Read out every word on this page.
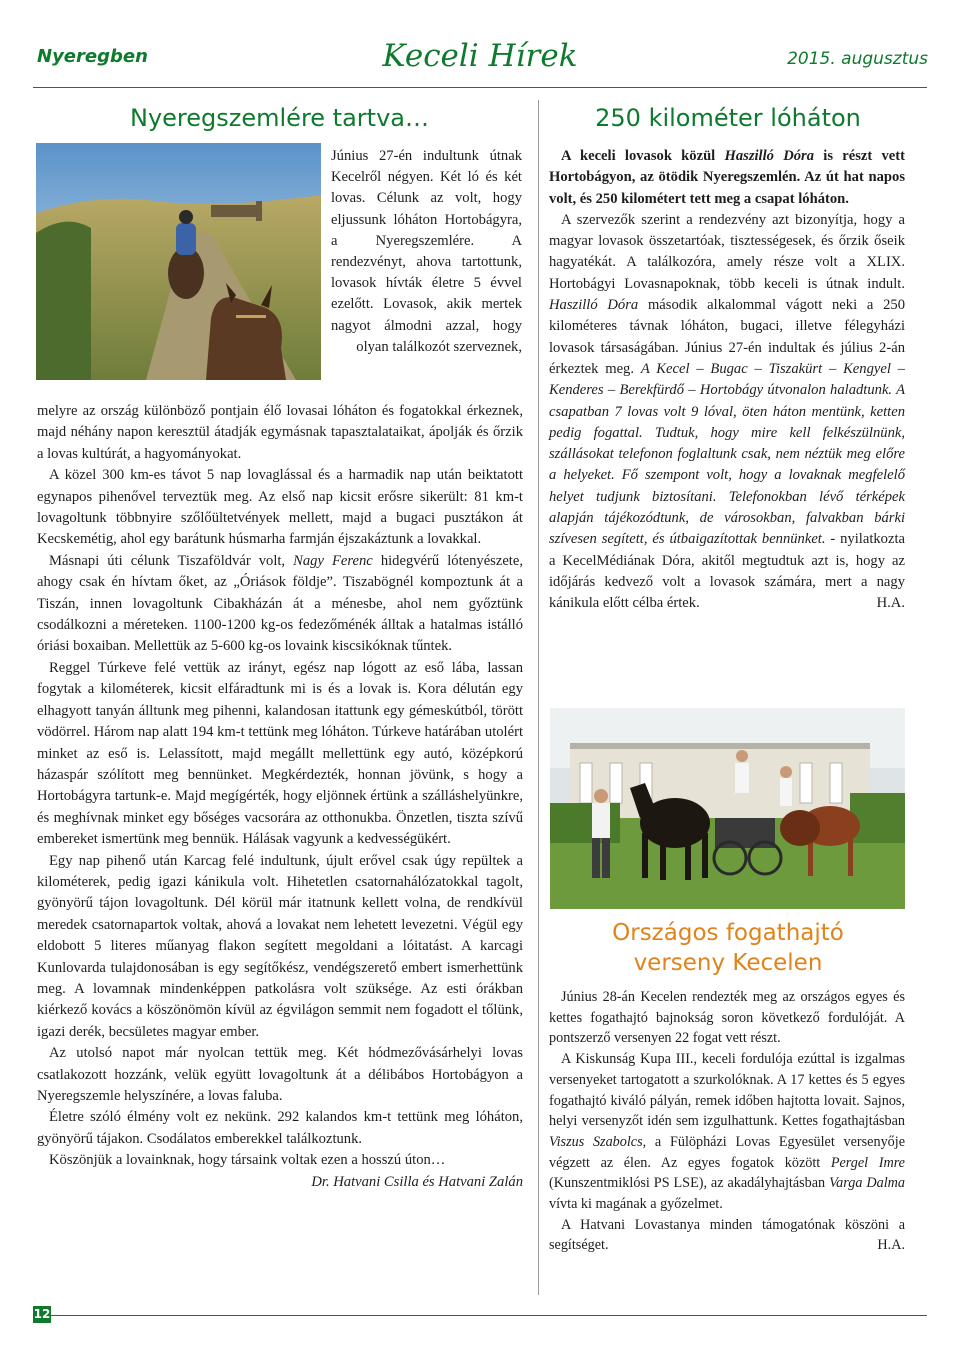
Nyeregben	Keceli Hírek	2015. augusztus
Nyeregszemlére tartva…	250 kilométer lóháton

Június 27-én indultunk útnak Kecelről négyen. Két ló és két lovas. Célunk az volt, hogy eljussunk lóháton Hortobágyra, a Nyeregszemlére. A rendezvényt, ahova tartottunk, lovasok hívták életre 5 évvel ezelőtt. Lovasok, akik mertek nagyot álmodni azzal, hogy olyan találkozót szerveznek,

melyre az ország különböző pontjain élő lovasai lóháton és fogatokkal érkeznek, majd néhány napon keresztül átadják egymásnak tapasztalataikat, ápolják és őrzik a lovas kultúrát, a hagyományokat.

A közel 300 km-es távot 5 nap lovaglással és a harmadik nap után beiktatott egynapos pihenővel terveztük meg. Az első nap kicsit erősre sikerült: 81 km-t lovagoltunk többnyire szőlőültetvények mellett, majd a bugaci pusztákon át Kecskemétig, ahol egy barátunk húsmarha farmján éjszakáztunk a lovakkal.

Másnapi úti célunk Tiszaföldvár volt, Nagy Ferenc hidegvérű lótenyészete, ahogy csak én hívtam őket, az „Óriások földje”. Tiszabögnél kompoztunk át a Tiszán, innen lovagoltunk Cibakházán át a ménesbe, ahol nem győztünk csodálkozni a méreteken. 1100-1200 kg-os fedezőménék álltak a hatalmas istálló óriási boxaiban. Mellettük az 5-600 kg-os lovaink kiscsikóknak tűntek.

Reggel Túrkeve felé vettük az irányt, egész nap lógott az eső lába, lassan fogytak a kilométerek, kicsit elfáradtunk mi is és a lovak is. Kora délután egy elhagyott tanyán álltunk meg pihenni, kalandosan itattunk egy gémeskútból, törött vödörrel. Három nap alatt 194 km-t tettünk meg lóháton. Túrkeve határában utolért minket az eső is. Lelassított, majd megállt mellettünk egy autó, középkorú házaspár szólított meg bennünket. Megkérdezték, honnan jövünk, s hogy a Hortobágyra tartunk-e. Majd megígérték, hogy eljönnek értünk a szálláshelyünkre, és meghívnak minket egy bőséges vacsorára az otthonukba. Önzetlen, tiszta szívű embereket ismertünk meg bennük. Hálásak vagyunk a kedvességükért.

Egy nap pihenő után Karcag felé indultunk, újult erővel csak úgy repültek a kilométerek, pedig igazi kánikula volt. Hihetetlen csatornahálózatokkal tagolt, gyönyörű tájon lovagoltunk. Dél körül már itatnunk kellett volna, de rendkívül meredek csatornapartok voltak, ahová a lovakat nem lehetett levezetni. Végül egy eldobott 5 literes műanyag flakon segített megoldani a lóitatást. A karcagi Kunlovarda tulajdonosában is egy segítőkész, vendégszerető embert ismerhettünk meg. A lovamnak mindenképpen patkolásra volt szüksége. Az esti órákban kiérkező kovács a köszönömön kívül az égvilágon semmit nem fogadott el tőlünk, igazi derék, becsületes magyar ember.

Az utolsó napot már nyolcan tettük meg. Két hódmezővásárhelyi lovas csatlakozott hozzánk, velük együtt lovagoltunk át a délibábos Hortobágyon a Nyeregszemle helyszínére, a lovas faluba.

Életre szóló élmény volt ez nekünk. 292 kalandos km-t tettünk meg lóháton, gyönyörű tájakon. Csodálatos emberekkel találkoztunk.

Köszönjük a lovainknak, hogy társaink voltak ezen a hosszú úton…

Dr. Hatvani Csilla és Hatvani Zalán

A keceli lovasok közül Haszilló Dóra is részt vett Hortobágyon, az ötödik Nyeregszemlén. Az út hat napos volt, és 250 kilométert tett meg a csapat lóháton.

A szervezők szerint a rendezvény azt bizonyítja, hogy a magyar lovasok összetartóak, tisztességesek, és őrzik őseik hagyatékát. A találkozóra, amely része volt a XLIX. Hortobágyi Lovasnapoknak, több keceli is útnak indult. Haszilló Dóra második alkalommal vágott neki a 250 kilométeres távnak lóháton, bugaci, illetve félegyházi lovasok társaságában. Június 27-én indultak és július 2-án érkeztek meg. A Kecel – Bugac – Tiszakürt – Kengyel – Kenderes – Berekfürdő – Hortobágy útvonalon haladtunk. A csapatban 7 lovas volt 9 lóval, öten háton mentünk, ketten pedig fogattal. Tudtuk, hogy mire kell felkészülnünk, szállásokat telefonon foglaltunk csak, nem néztük meg előre a helyeket. Fő szempont volt, hogy a lovaknak megfelelő helyet tudjunk biztosítani. Telefonokban lévő térképek alapján tájékozódtunk, de városokban, falvakban bárki szívesen segített, és útbaigazítottak bennünket. - nyilatkozta a KecelMédiának Dóra, akitől megtudtuk azt is, hogy az időjárás kedvező volt a lovasok számára, mert a nagy kánikula előtt célba értek.	H.A.

Országos fogathajtó
verseny Kecelen

Június 28-án Kecelen rendezték meg az országos egyes és kettes fogathajtó bajnokság soron következő fordulóját. A pontszerző versenyen 22 fogat vett részt.

A Kiskunság Kupa III., keceli fordulója ezúttal is izgalmas versenyeket tartogatott a szurkolóknak. A 17 kettes és 5 egyes fogathajtó kiváló pályán, remek időben hajtotta lovait. Sajnos, helyi versenyzőt idén sem izgulhattunk. Kettes fogathajtásban Viszus Szabolcs, a Fülöpházi Lovas Egyesület versenyője végzett az élen. Az egyes fogatok között Pergel Imre (Kunszentmiklósi PS LSE), az akadályhajtásban Varga Dalma vívta ki magának a győzelmet.

A Hatvani Lovastanya minden támogatónak köszöni a segítséget.	H.A.

12
